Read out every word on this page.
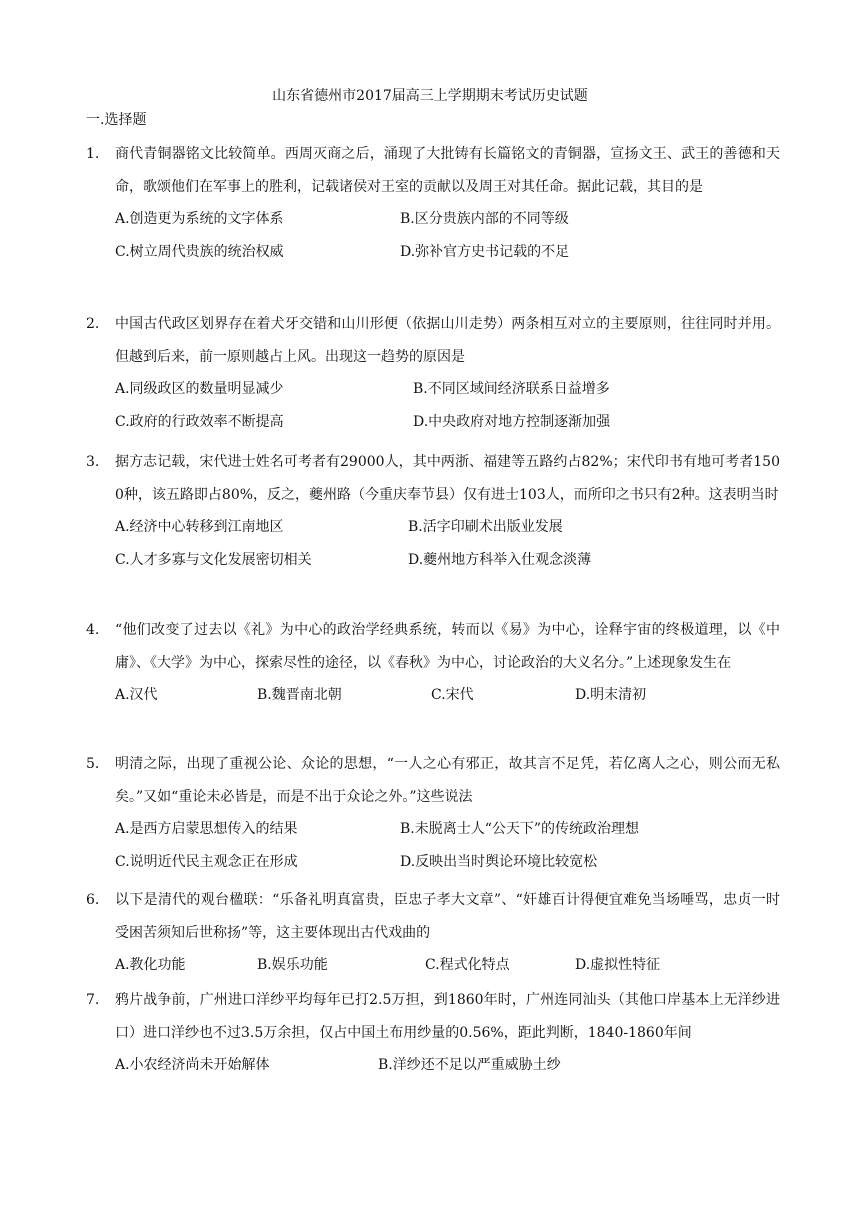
山东省德州市2017届高三上学期期末考试历史试题
一.选择题
1.	商代青铜器铭文比较简单。西周灭商之后，涌现了大批铸有长篇铭文的青铜器，宣扬文王、武王的善德和天命，歌颂他们在军事上的胜利，记载诸侯对王室的贡献以及周王对其任命。据此记载，其目的是
A.创造更为系统的文字体系	B.区分贵族内部的不同等级
C.树立周代贵族的统治权威	D.弥补官方史书记载的不足
2.	中国古代政区划界存在着犬牙交错和山川形便（依据山川走势）两条相互对立的主要原则，往往同时并用。但越到后来，前一原则越占上风。出现这一趋势的原因是
A.同级政区的数量明显减少	B.不同区域间经济联系日益增多
C.政府的行政效率不断提高	D.中央政府对地方控制逐渐加强
3.	据方志记载，宋代进士姓名可考者有29000人，其中两浙、福建等五路约占82%；宋代印书有地可考者1500种，该五路即占80%，反之，夔州路（今重庆奉节县）仅有进士103人，而所印之书只有2种。这表明当时
A.经济中心转移到江南地区	B.活字印刷术出版业发展
C.人才多寡与文化发展密切相关	D.夔州地方科举入仕观念淡薄
4.	“他们改变了过去以《礼》为中心的政治学经典系统，转而以《易》为中心，诠释宇宙的终极道理，以《中庸》、《大学》为中心，探索尽性的途径，以《春秋》为中心，讨论政治的大义名分。”上述现象发生在
A.汉代	B.魏晋南北朝	C.宋代	D.明末清初
5.	明清之际，出现了重视公论、众论的思想，“一人之心有邪正，故其言不足凭，若亿离人之心，则公而无私矣。”又如“重论未必皆是，而是不出于众论之外。”这些说法
A.是西方启蒙思想传入的结果	B.未脱离士人“公天下”的传统政治理想
C.说明近代民主观念正在形成	D.反映出当时舆论环境比较宽松
6.	以下是清代的观台楹联：“乐备礼明真富贵，臣忠子孝大文章”、“奸雄百计得便宜难免当场唾骂，忠贞一时受困苦须知后世称扬”等，这主要体现出古代戏曲的
A.教化功能	B.娱乐功能	C.程式化特点	D.虚拟性特征
7.	鸦片战争前，广州进口洋纱平均每年已打2.5万担，到1860年时，广州连同汕头（其他口岸基本上无洋纱进口）进口洋纱也不过3.5万余担，仅占中国土布用纱量的0.56%，距此判断，1840-1860年间
A.小农经济尚未开始解体	B.洋纱还不足以严重威胁土纱
